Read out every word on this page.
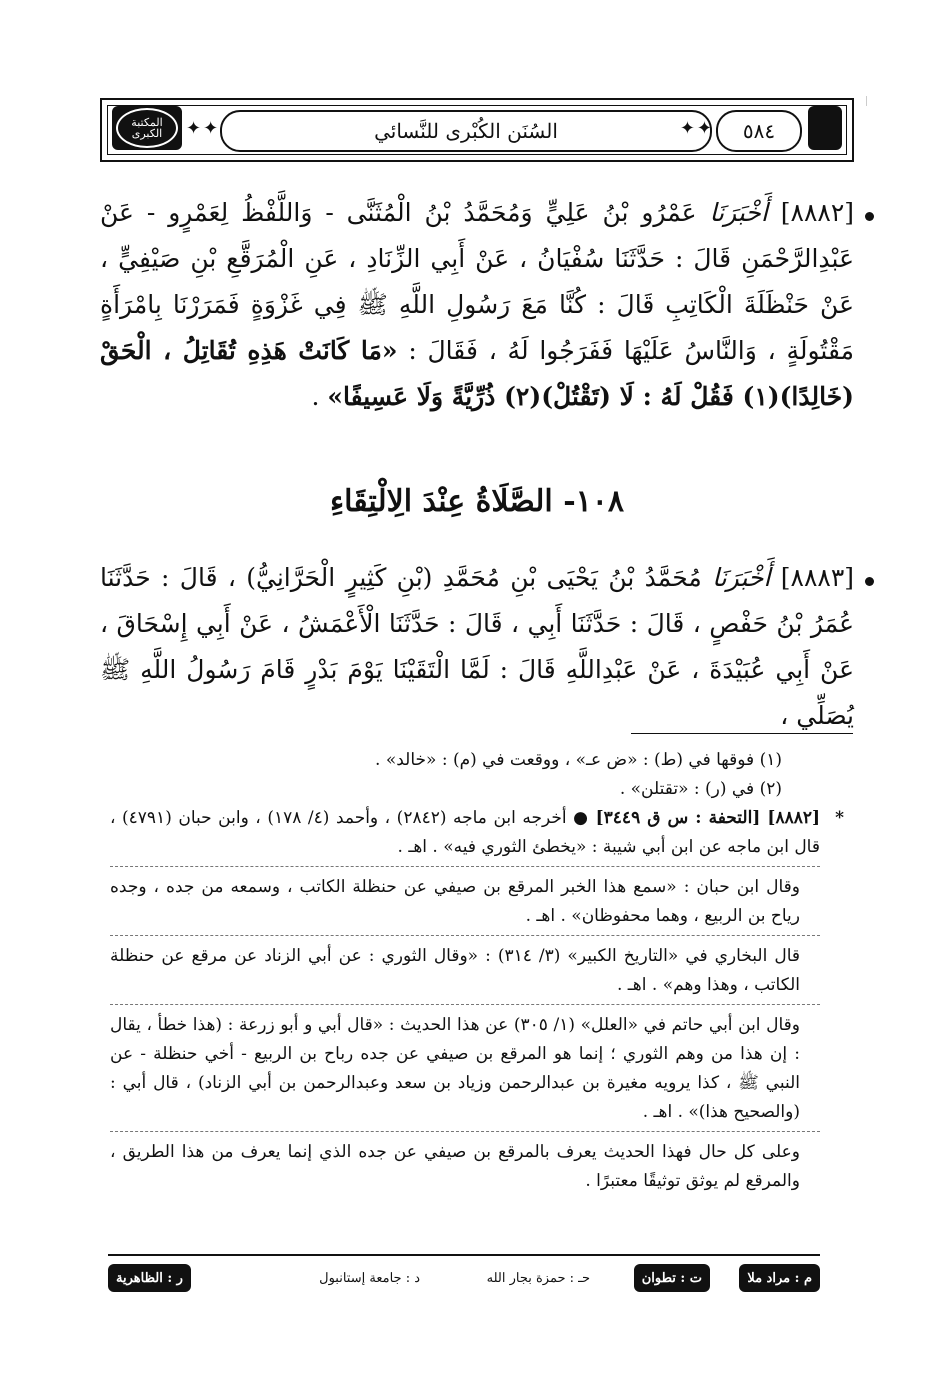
المكتبة الكبرى	✦✦	السُنَن الكُبْرى للنَّسائي	✦✦ ٥٨٤
[٨٨٨٢] أَخْبَرَنَا عَمْرُو بْنُ عَلِيٍّ وَمُحَمَّدُ بْنُ الْمُثَنَّى - وَاللَّفْظُ لِعَمْرٍو - عَنْ عَبْدِالرَّحْمَنِ قَالَ : حَدَّثَنَا سُفْيَانُ ، عَنْ أَبِي الزِّنَادِ ، عَنِ الْمُرَقَّعِ بْنِ صَيْفِيٍّ ، عَنْ حَنْظَلَةَ الْكَاتِبِ قَالَ : كُنَّا مَعَ رَسُولِ اللَّهِ ﷺ فِي غَزْوَةٍ فَمَرَرْنَا بِامْرَأَةٍ مَقْتُولَةٍ ، وَالنَّاسُ عَلَيْهَا فَفَرَجُوا لَهُ ، فَقَالَ : «مَا كَانَتْ هَذِهِ تُقَاتِلُ ، الْحَقْ (خَالِدًا)(١) فَقُلْ لَهُ : لَا (تَقْتُلْ)(٢) ذُرِّيَّةً وَلَا عَسِيفًا» .
١٠٨- الصَّلَاةُ عِنْدَ الِالْتِقَاءِ
[٨٨٨٣] أَخْبَرَنَا مُحَمَّدُ بْنُ يَحْيَى بْنِ مُحَمَّدِ (بْنِ كَثِيرٍ الْحَرَّانِيُّ) ، قَالَ : حَدَّثَنَا عُمَرُ بْنُ حَفْصٍ ، قَالَ : حَدَّثَنَا أَبِي ، قَالَ : حَدَّثَنَا الْأَعْمَشُ ، عَنْ أَبِي إِسْحَاقَ ، عَنْ أَبِي عُبَيْدَةَ ، عَنْ عَبْدِاللَّهِ قَالَ : لَمَّا الْتَقَيْنَا يَوْمَ بَدْرٍ قَامَ رَسُولُ اللَّهِ ﷺ يُصَلِّي ،
(١) فوقها في (ط) : «ض عـ» ، ووقعت في (م) : «خالد» .
(٢) في (ر) : «تقتلن» .
*
[٨٨٨٢] [التحفة : س ق ٣٤٤٩] ● أخرجه ابن ماجه (٢٨٤٢) ، وأحمد (٤/ ١٧٨) ، وابن حبان (٤٧٩١) ، قال ابن ماجه عن ابن أبي شيبة : «يخطئ الثوري فيه» . اهـ .
وقال ابن حبان : «سمع هذا الخبر المرقع بن صيفي عن حنظلة الكاتب ، وسمعه من جده ، وجده رياح بن الربيع ، وهما محفوظان» . اهـ .
قال البخاري في «التاريخ الكبير» (٣/ ٣١٤) : «وقال الثوري : عن أبي الزناد عن مرقع عن حنظلة الكاتب ، وهذا وهم» . اهـ .
وقال ابن أبي حاتم في «العلل» (١/ ٣٠٥) عن هذا الحديث : «قال أبي و أبو زرعة : (هذا خطأ ، يقال : إن هذا من وهم الثوري ؛ إنما هو المرقع بن صيفي عن جده رباح بن الربيع - أخي حنظلة - عن النبي ﷺ ، كذا يرويه مغيرة بن عبدالرحمن وزياد بن سعد وعبدالرحمن بن أبي الزناد) ، قال أبي : (والصحيح هذا)» . اهـ .
وعلى كل حال فهذا الحديث يعرف بالمرقع بن صيفي عن جده الذي إنما يعرف من هذا الطريق ، والمرقع لم يوثق توثيقًا معتبرًا .
م : مراد ملا
ت : تطوان
حـ : حمزة بجار الله
د : جامعة إستانبول
ر : الظاهرية
